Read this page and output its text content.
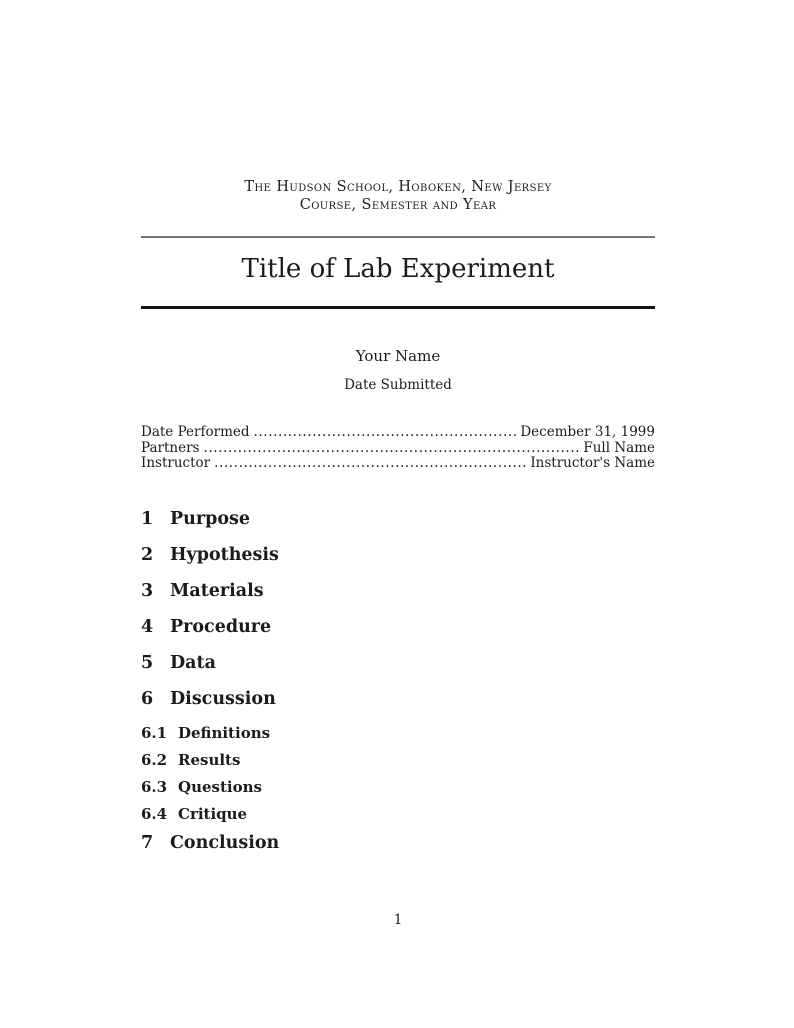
The Hudson School, Hoboken, New Jersey
Course, Semester and Year
Title of Lab Experiment
Your Name
Date Submitted
Date Performed .....	December 31, 1999
Partners .....	Full Name
Instructor .....	Instructor's Name
1 Purpose
2 Hypothesis
3 Materials
4 Procedure
5 Data
6 Discussion
6.1 Definitions
6.2 Results
6.3 Questions
6.4 Critique
7 Conclusion
1
